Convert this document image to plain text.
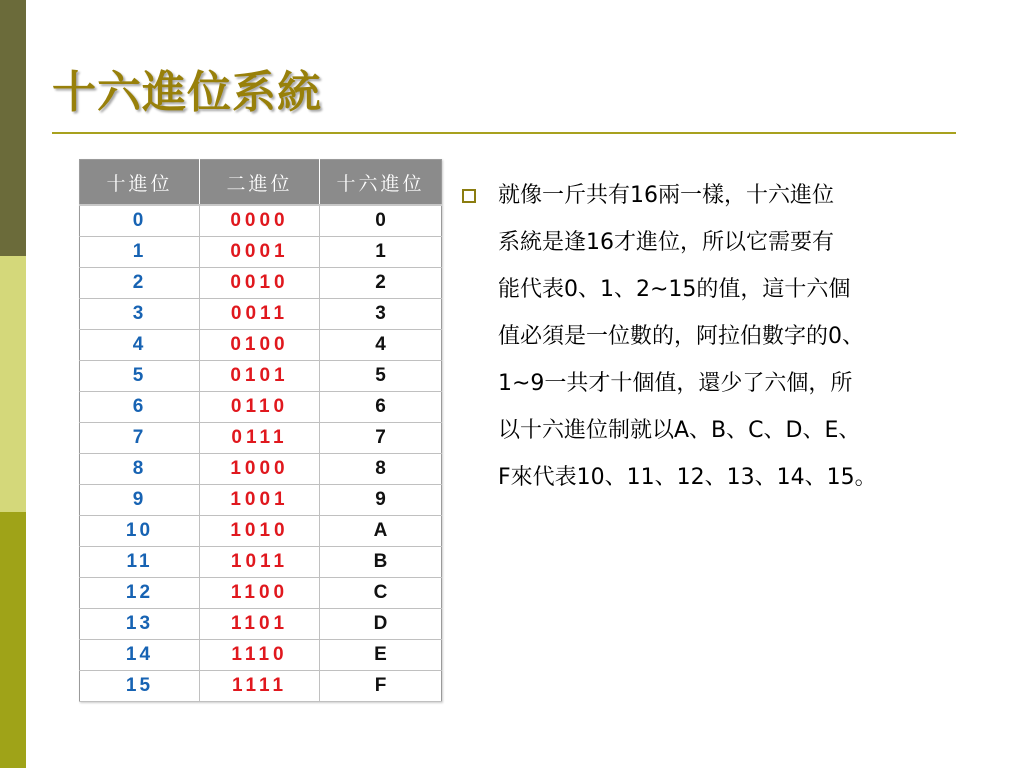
十六進位系統
十進位	二進位	十六進位
0	0000	0
1	0001	1
2	0010	2
3	0011	3
4	0100	4
5	0101	5
6	0110	6
7	0111	7
8	1000	8
9	1001	9
10	1010	A
11	1011	B
12	1100	C
13	1101	D
14	1110	E
15	1111	F
就像一斤共有16兩一樣，十六進位
系統是逢16才進位，所以它需要有
能代表0、1、2~15的值，這十六個
值必須是一位數的，阿拉伯數字的0、
1~9一共才十個值，還少了六個，所
以十六進位制就以A、B、C、D、E、
F來代表10、11、12、13、14、15。
